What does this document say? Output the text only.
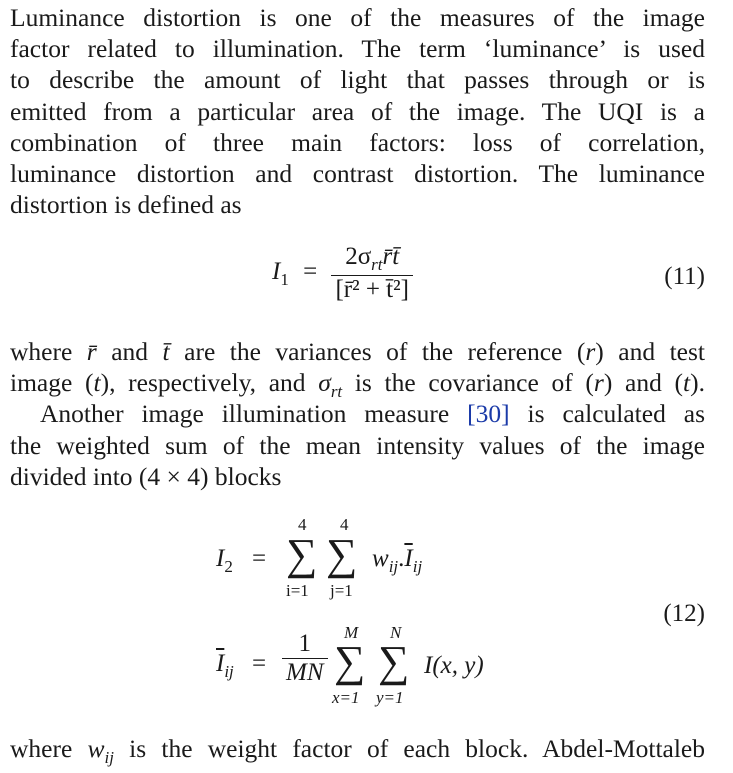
Luminance distortion is one of the measures of the image
factor related to illumination. The term ‘luminance’ is used
to describe the amount of light that passes through or is
emitted from a particular area of the image. The UQI is a
combination of three main factors: loss of correlation,
luminance distortion and contrast distortion. The luminance
distortion is defined as
$I_1 = \frac{2\sigma_{rt}r̄t̄}{\text{[r̄² + t̄²]}}$	(11)
where r̄ and t̄ are the variances of the reference (r) and test
image (t), respectively, and $\sigma_{rt}$ is the covariance of (r) and (t).
Another image illumination measure [30] is calculated as
the weighted sum of the mean intensity values of the image
divided into (4 × 4) blocks
$I_2$ =
4 4
∑ ∑
i=1 j=1
$w_{ij}.\overline{I}_{ij}$
(12)
$\overline{I}_{ij} = \frac{1}{MN}$ M N
∑ ∑
x=1 y=1
I(x, y)
where $w_{ij}$ is the weight factor of each block. Abdel-Mottaleb
